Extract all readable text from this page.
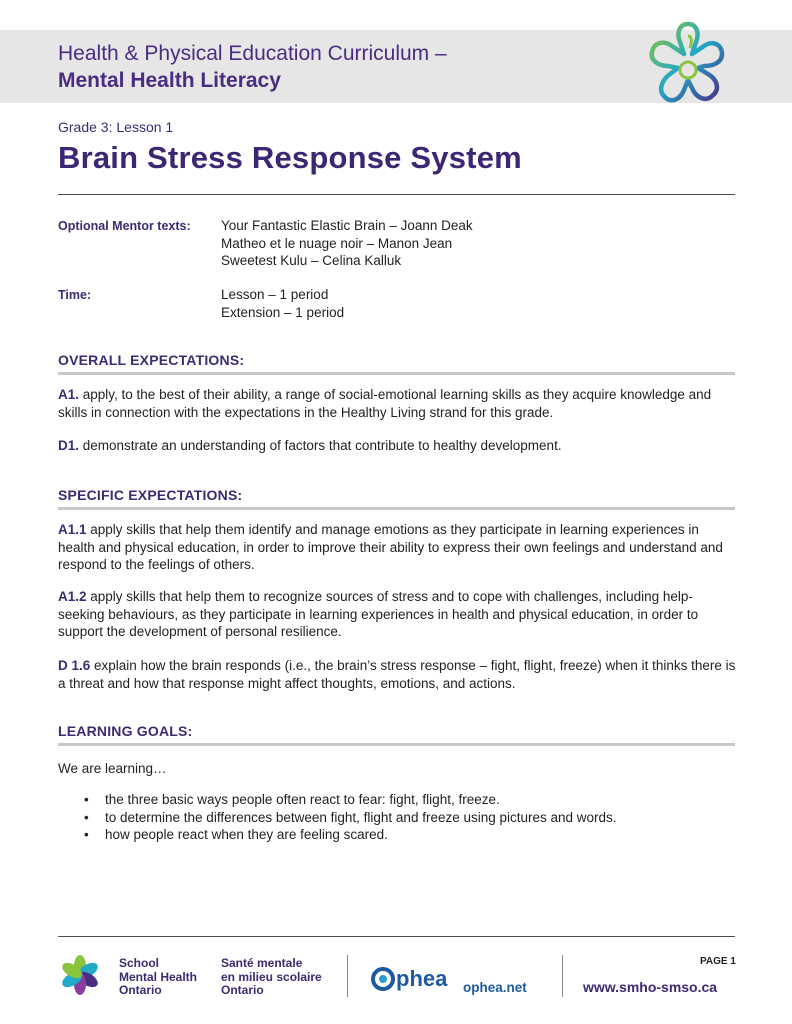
Health & Physical Education Curriculum –
Mental Health Literacy
Grade 3: Lesson 1
Brain Stress Response System
Optional Mentor texts: Your Fantastic Elastic Brain – Joann Deak
Matheo et le nuage noir – Manon Jean
Sweetest Kulu – Celina Kalluk
Time:	Lesson – 1 period
Extension – 1 period
OVERALL EXPECTATIONS:
A1. apply, to the best of their ability, a range of social-emotional learning skills as they acquire knowledge and skills in connection with the expectations in the Healthy Living strand for this grade.
D1. demonstrate an understanding of factors that contribute to healthy development.
SPECIFIC EXPECTATIONS:
A1.1 apply skills that help them identify and manage emotions as they participate in learning experiences in health and physical education, in order to improve their ability to express their own feelings and understand and respond to the feelings of others.
A1.2 apply skills that help them to recognize sources of stress and to cope with challenges, including help-seeking behaviours, as they participate in learning experiences in health and physical education, in order to support the development of personal resilience.
D 1.6 explain how the brain responds (i.e., the brain’s stress response – fight, flight, freeze) when it thinks there is a threat and how that response might affect thoughts, emotions, and actions.
LEARNING GOALS:
We are learning…
• the three basic ways people often react to fear: fight, flight, freeze.
• to determine the differences between fight, flight and freeze using pictures and words.
• how people react when they are feeling scared.
School
Mental Health
Ontario
Santé mentale
en milieu scolaire
Ontario	phea ophea.net
PAGE 1
www.smho-smso.ca
